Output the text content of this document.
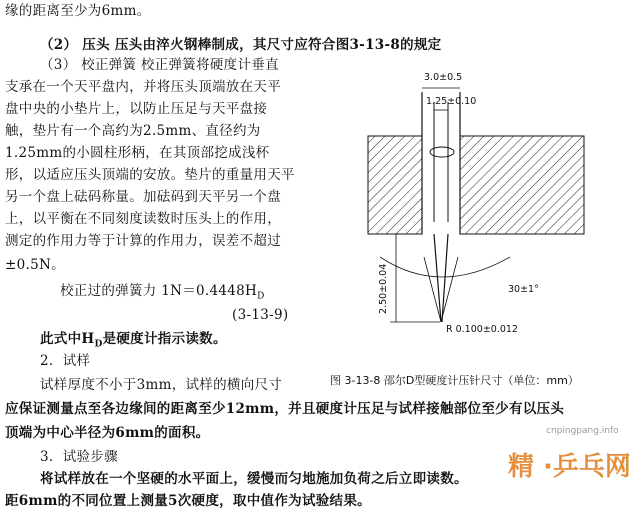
缘的距离至少为6mm。
（2） 压头 压头由淬火钢棒制成，其尺寸应符合图3-13-8的规定
（3） 校正弹簧 校正弹簧将硬度计垂直
支承在一个天平盘内，并将压头顶端放在天平
盘中央的小垫片上，以防止压足与天平盘接
触，垫片有一个高约为2.5mm、直径约为
1.25mm的小圆柱形柄，在其顶部挖成浅杯
形，以适应压头顶端的安放。垫片的重量用天平
另一个盘上砝码称量。加砝码到天平另一个盘
上，以平衡在不同刻度读数时压头上的作用，
测定的作用力等于计算的作用力，误差不超过
±0.5N。
校正过的弹簧力 $1N=0.4448H_D$
(3-13-9)
此式中$H_D$是硬度计指示读数。
2．试样
试样厚度不小于3mm，试样的横向尺寸
应保证测量点至各边缘间的距离至少12mm，并且硬度计压足与试样接触部位至少有以压头
顶端为中心半径为6mm的面积。
3．试验步骤
将试样放在一个坚硬的水平面上，缓慢而匀地施加负荷之后立即读数。
距6mm的不同位置上测量5次硬度，取中值作为试验结果。
3.0±0.5
1.25±0.10
2.50±0.04	30±1°
R 0.100±0.012
图 3-13-8 邵尔D型硬度计压针尺寸（单位：mm）
cnpingpang.info
精 ·乒乓网
